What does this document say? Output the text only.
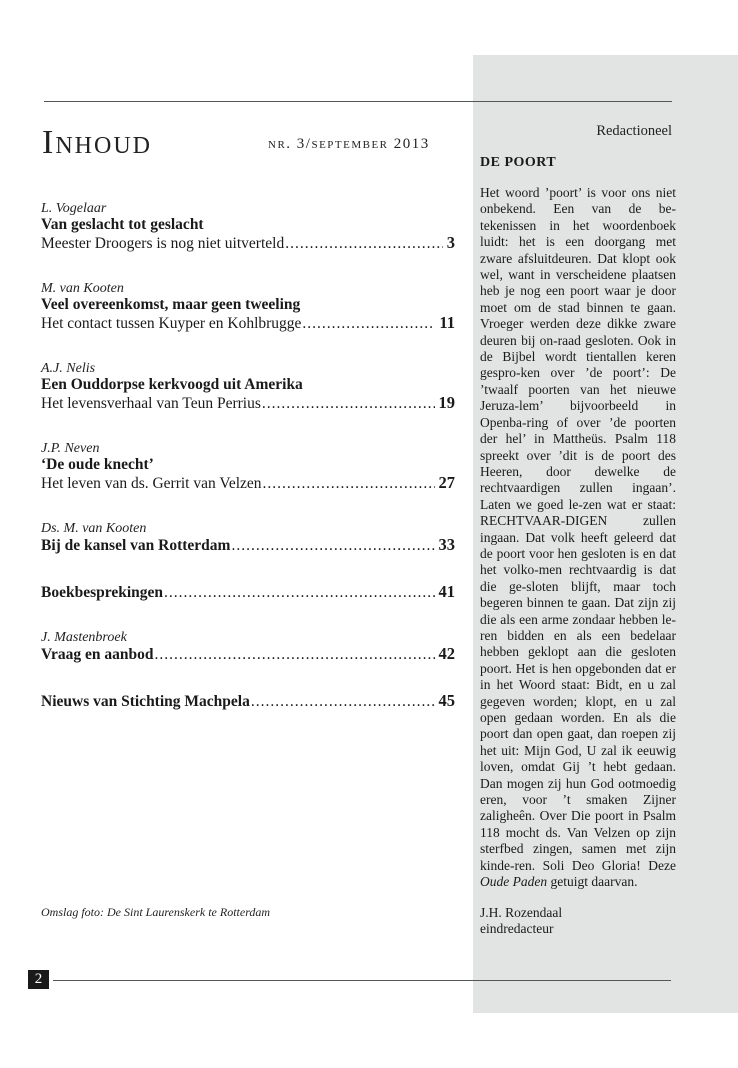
Inhoud	nr. 3/september 2013
L. Vogelaar
Van geslacht tot geslacht
Meester Droogers is nog niet uitverteld .....	3
M. van Kooten
Veel overeenkomst, maar geen tweeling
Het contact tussen Kuyper en Kohlbrugge .....	11
A.J. Nelis
Een Ouddorpse kerkvoogd uit Amerika
Het levensverhaal van Teun Perrius .....	19
J.P. Neven
‘De oude knecht’
Het leven van ds. Gerrit van Velzen .....	27
Ds. M. van Kooten
Bij de kansel van Rotterdam .....	33
Boekbesprekingen .....	41
J. Mastenbroek
Vraag en aanbod .....	42
Nieuws van Stichting Machpela .....	45
Omslag foto: De Sint Laurenskerk te Rotterdam
2
Redactioneel
DE POORT
Het woord ’poort’ is voor ons niet onbekend. Een van de be-tekenissen in het woordenboek luidt: het is een doorgang met zware afsluitdeuren. Dat klopt ook wel, want in verscheidene plaatsen heb je nog een poort waar je door moet om de stad binnen te gaan. Vroeger werden deze dikke zware deuren bij on-raad gesloten. Ook in de Bijbel wordt tientallen keren gespro-ken over ’de poort’: De ’twaalf poorten van het nieuwe Jeruza-lem’ bijvoorbeeld in Openba-ring of over ’de poorten der hel’ in Mattheüs. Psalm 118 spreekt over ’dit is de poort des Heeren, door dewelke de rechtvaardigen zullen ingaan’. Laten we goed le-zen wat er staat: RECHTVAAR-DIGEN zullen ingaan. Dat volk heeft geleerd dat de poort voor hen gesloten is en dat het volko-men rechtvaardig is dat die ge-sloten blijft, maar toch begeren binnen te gaan. Dat zijn zij die als een arme zondaar hebben le-ren bidden en als een bedelaar hebben geklopt aan die gesloten poort. Het is hen opgebonden dat er in het Woord staat: Bidt, en u zal gegeven worden; klopt, en u zal open gedaan worden. En als die poort dan open gaat, dan roepen zij het uit: Mijn God, U zal ik eeuwig loven, omdat Gij ’t hebt gedaan. Dan mogen zij hun God ootmoedig eren, voor ’t smaken Zijner zaligheên. Over Die poort in Psalm 118 mocht ds. Van Velzen op zijn sterfbed zingen, samen met zijn kinde-ren. Soli Deo Gloria! Deze Oude Paden getuigt daarvan.
J.H. Rozendaal
eindredacteur
